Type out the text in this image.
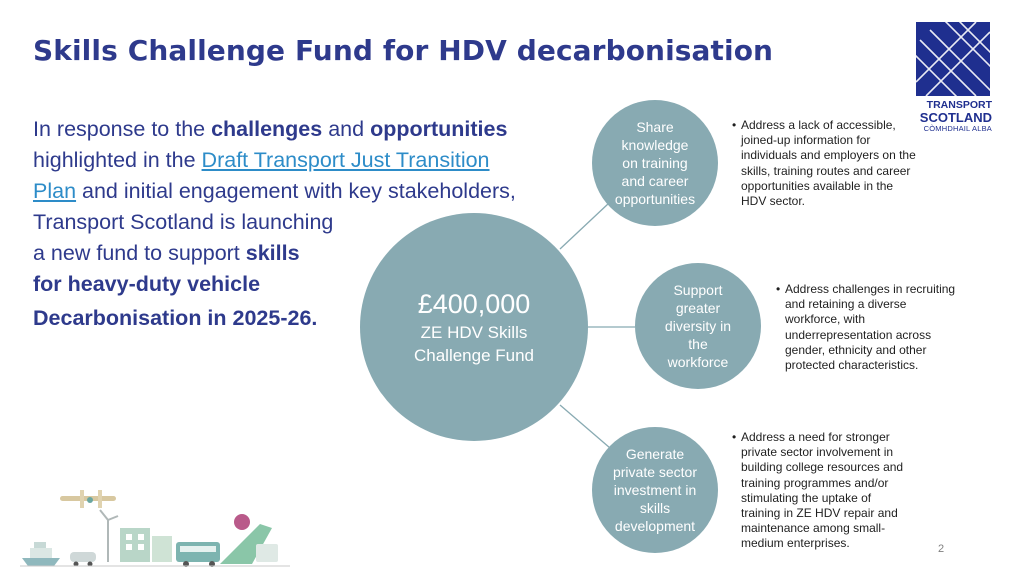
Skills Challenge Fund for HDV decarbonisation
TRANSPORT
SCOTLAND
CÒMHDHAIL ALBA
In response to the challenges and opportunities
highlighted in the Draft Transport Just Transition
Plan and initial engagement with key stakeholders,
Transport Scotland is launching
a new fund to support skills
for heavy-duty vehicle
Decarbonisation in 2025-26.	£400,000
ZE HDV Skills
Challenge Fund
Share
knowledge
on training
and career
opportunities
Support
greater
diversity in
the
workforce
Generate
private sector
investment in
skills
development
• Address a lack of accessible,
joined-up information for
individuals and employers on the
skills, training routes and career
opportunities available in the
HDV sector.
• Address challenges in recruiting
and retaining a diverse
workforce, with
underrepresentation across
gender, ethnicity and other
protected characteristics.
• Address a need for stronger
private sector involvement in
building college resources and
training programmes and/or
stimulating the uptake of
training in ZE HDV repair and
maintenance among small-
medium enterprises.	2
